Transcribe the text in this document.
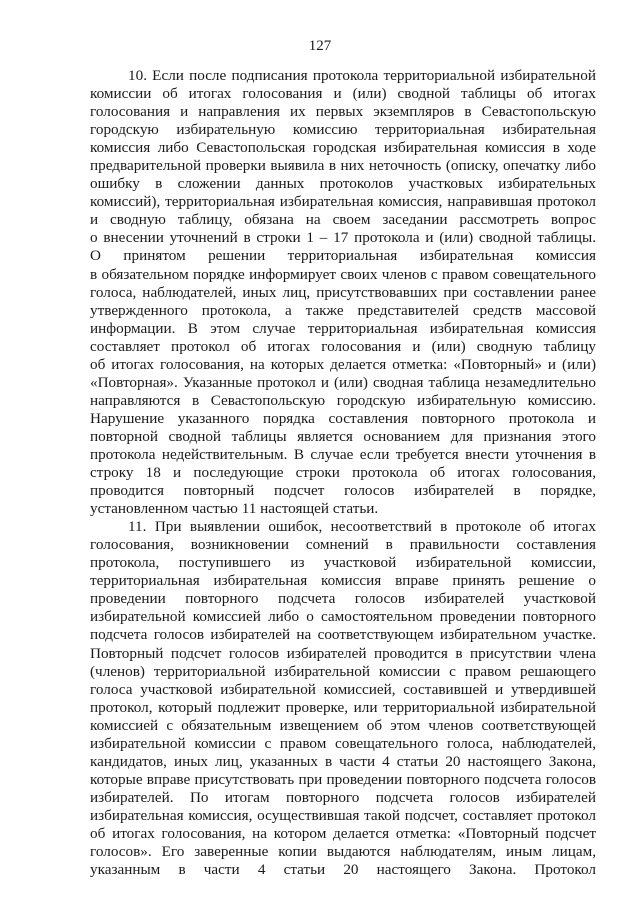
127
10. Если после подписания протокола территориальной избирательной
комиссии об итогах голосования и (или) сводной таблицы об итогах
голосования и направления их первых экземпляров в Севастопольскую
городскую избирательную комиссию территориальная избирательная
комиссия либо Севастопольская городская избирательная комиссия в ходе
предварительной проверки выявила в них неточность (описку, опечатку либо
ошибку в сложении данных протоколов участковых избирательных
комиссий), территориальная избирательная комиссия, направившая протокол
и сводную таблицу, обязана на своем заседании рассмотреть вопрос
о внесении уточнений в строки 1 – 17 протокола и (или) сводной таблицы.
О принятом решении территориальная избирательная комиссия
в обязательном порядке информирует своих членов с правом совещательного
голоса, наблюдателей, иных лиц, присутствовавших при составлении ранее
утвержденного протокола, а также представителей средств массовой
информации. В этом случае территориальная избирательная комиссия
составляет протокол об итогах голосования и (или) сводную таблицу
об итогах голосования, на которых делается отметка: «Повторный» и (или)
«Повторная». Указанные протокол и (или) сводная таблица незамедлительно
направляются в Севастопольскую городскую избирательную комиссию.
Нарушение указанного порядка составления повторного протокола и
повторной сводной таблицы является основанием для признания этого
протокола недействительным. В случае если требуется внести уточнения в
строку 18 и последующие строки протокола об итогах голосования,
проводится повторный подсчет голосов избирателей в порядке,
установленном частью 11 настоящей статьи.
11. При выявлении ошибок, несоответствий в протоколе об итогах
голосования, возникновении сомнений в правильности составления
протокола, поступившего из участковой избирательной комиссии,
территориальная избирательная комиссия вправе принять решение о
проведении повторного подсчета голосов избирателей участковой
избирательной комиссией либо о самостоятельном проведении повторного
подсчета голосов избирателей на соответствующем избирательном участке.
Повторный подсчет голосов избирателей проводится в присутствии члена
(членов) территориальной избирательной комиссии с правом решающего
голоса участковой избирательной комиссией, составившей и утвердившей
протокол, который подлежит проверке, или территориальной избирательной
комиссией с обязательным извещением об этом членов соответствующей
избирательной комиссии с правом совещательного голоса, наблюдателей,
кандидатов, иных лиц, указанных в части 4 статьи 20 настоящего Закона,
которые вправе присутствовать при проведении повторного подсчета голосов
избирателей. По итогам повторного подсчета голосов избирателей
избирательная комиссия, осуществившая такой подсчет, составляет протокол
об итогах голосования, на котором делается отметка: «Повторный подсчет
голосов». Его заверенные копии выдаются наблюдателям, иным лицам,
указанным в части 4 статьи 20 настоящего Закона. Протокол
